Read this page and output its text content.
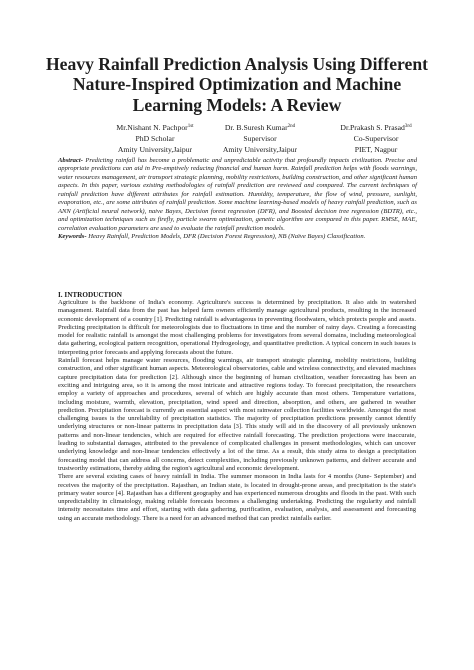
Heavy Rainfall Prediction Analysis Using Different Nature-Inspired Optimization and Machine Learning Models: A Review
Mr.Nishant N. Pachpor$^{1st}$
PhD Scholar
Amity University,Jaipur
Dr. B.Suresh Kumar$^{2nd}$
Supervisor
Amity University,Jaipur
Dr.Prakash S. Prasad$^{3rd}$
Co-Supervisor
PIET, Nagpur

Abstract- Predicting rainfall has become a problematic and unpredictable activity that profoundly impacts civilization. Precise and appropriate predictions can aid in Pre-emptively reducing financial and human harm. Rainfall prediction helps with floods warnings, water resources management, air transport strategic planning, mobility restrictions, building construction, and other significant human aspects. In this paper, various existing methodologies of rainfall prediction are reviewed and compared. The current techniques of rainfall prediction have different attributes for rainfall estimation. Humidity, temperature, the flow of wind, pressure, sunlight, evaporation, etc., are some attributes of rainfall prediction. Some machine learning-based models of heavy rainfall prediction, such as ANN (Artificial neural network), naive Bayes, Decision forest regression (DFR), and Boosted decision tree regression (BDTR), etc., and optimization techniques such as firefly, particle swarm optimization, genetic algorithm are compared in this paper. RMSE, MAE, correlation evaluation parameters are used to evaluate the rainfall prediction models.

Keywords- Heavy Rainfall, Prediction Models, DFR (Decision Forest Regression), NB (Naïve Bayes) Classification.

I. INTRODUCTION

Agriculture is the backbone of India's economy. Agriculture's success is determined by precipitation. It also aids in watershed management. Rainfall data from the past has helped farm owners efficiently manage agricultural products, resulting in the increased economic development of a country [1]. Predicting rainfall is advantageous in preventing floodwaters, which protects people and assets. Predicting precipitation is difficult for meteorologists due to fluctuations in time and the number of rainy days. Creating a forecasting model for realistic rainfall is amongst the most challenging problems for investigators from several domains, including meteorological data gathering, ecological pattern recognition, operational Hydrogeology, and quantitative prediction. A typical concern in such issues is interpreting prior forecasts and applying forecasts about the future.

Rainfall forecast helps manage water resources, flooding warnings, air transport strategic planning, mobility restrictions, building construction, and other significant human aspects. Meteorological observatories, cable and wireless connectivity, and elevated machines capture precipitation data for prediction [2]. Although since the beginning of human civilization, weather forecasting has been an exciting and intriguing area, so it is among the most intricate and attractive regions today. To forecast precipitation, the researchers employ a variety of approaches and procedures, several of which are highly accurate than most others. Temperature variations, including moisture, warmth, elevation, precipitation, wind speed and direction, absorption, and others, are gathered in weather prediction. Precipitation forecast is currently an essential aspect with most rainwater collection facilities worldwide. Amongst the most challenging issues is the unreliability of precipitation statistics. The majority of precipitation predictions presently cannot identify underlying structures or non-linear patterns in precipitation data [3]. This study will aid in the discovery of all previously unknown patterns and non-linear tendencies, which are required for effective rainfall forecasting. The prediction projections were inaccurate, leading to substantial damages, attributed to the prevalence of complicated challenges in present methodologies, which can uncover underlying knowledge and non-linear tendencies effectively a lot of the time. As a result, this study aims to design a precipitation forecasting model that can address all concerns, detect complexities, including previously unknown patterns, and deliver accurate and trustworthy estimations, thereby aiding the region's agricultural and economic development.

There are several existing cases of heavy rainfall in India. The summer monsoon in India lasts for 4 months (June- September) and receives the majority of the precipitation. Rajasthan, an Indian state, is located in drought-prone areas, and precipitation is the state's primary water source [4]. Rajasthan has a different geography and has experienced numerous droughts and floods in the past. With such unpredictability in climatology, making reliable forecasts becomes a challenging undertaking. Predicting the regularity and rainfall intensity necessitates time and effort, starting with data gathering, purification, evaluation, analysis, and assessment and forecasting using an accurate methodology. There is a need for an advanced method that can predict rainfalls earlier.
